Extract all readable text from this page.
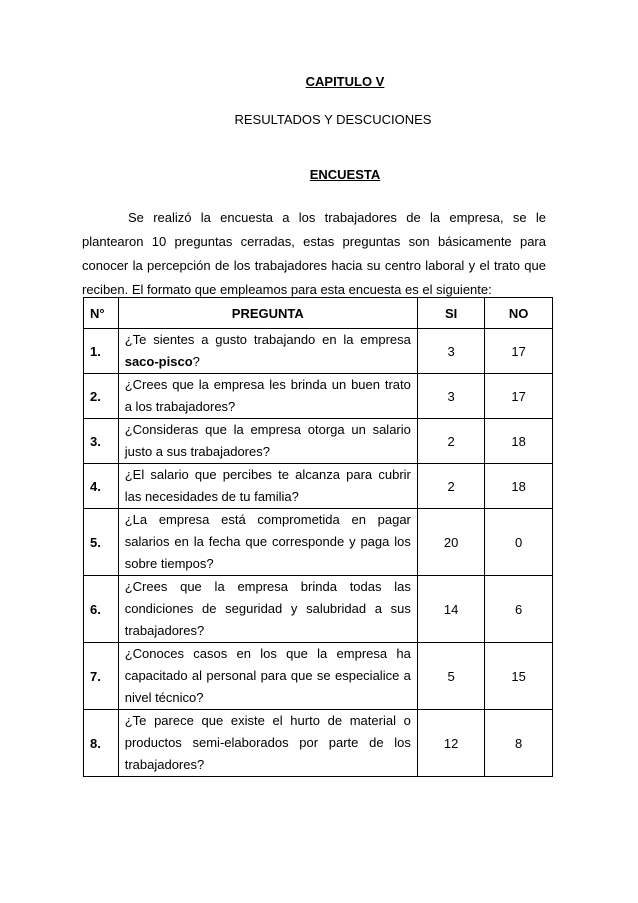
CAPITULO V
RESULTADOS Y DESCUCIONES
ENCUESTA

Se realizó la encuesta a los trabajadores de la empresa, se le plantearon 10 preguntas cerradas, estas preguntas son básicamente para conocer la percepción de los trabajadores hacia su centro laboral y el trato que reciben. El formato que empleamos para esta encuesta es el siguiente:

N°	PREGUNTA	SI	NO
1.	¿Te sientes a gusto trabajando en la empresa saco-pisco?	3	17
2.	¿Crees que la empresa les brinda un buen trato a los trabajadores?	3	17
3.	¿Consideras que la empresa otorga un salario justo a sus trabajadores?	2	18
4.	¿El salario que percibes te alcanza para cubrir las necesidades de tu familia?	2	18
5.	¿La empresa está comprometida en pagar salarios en la fecha que corresponde y paga los sobre tiempos?	20	0
6.	¿Crees que la empresa brinda todas las condiciones de seguridad y salubridad a sus trabajadores?	14	6
7.	¿Conoces casos en los que la empresa ha capacitado al personal para que se especialice a nivel técnico?	5	15
8.	¿Te parece que existe el hurto de material o productos semi-elaborados por parte de los trabajadores?	12	8
